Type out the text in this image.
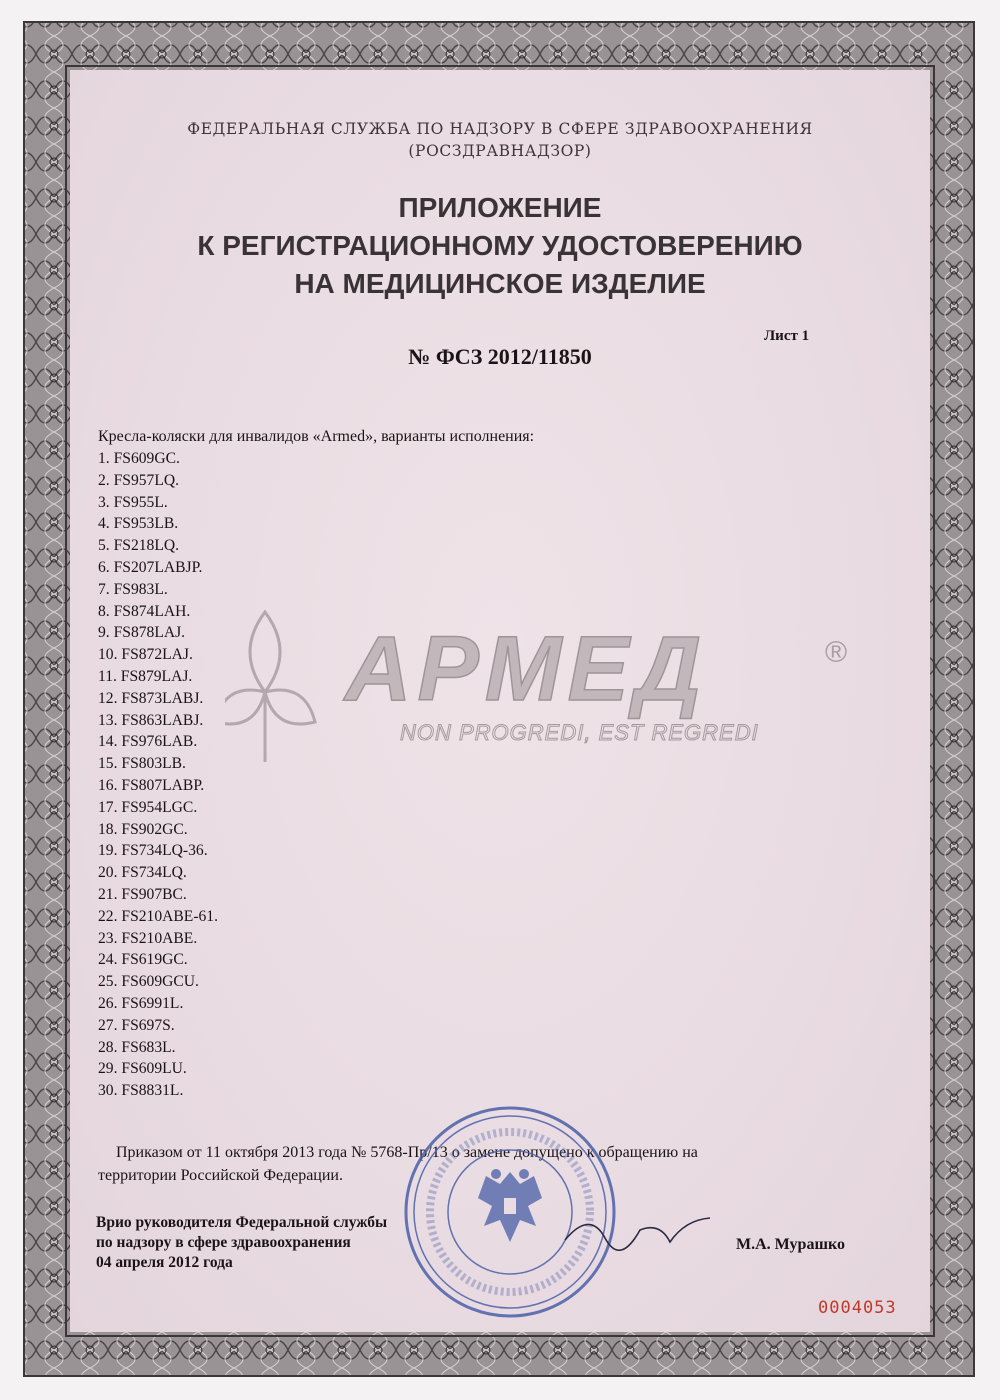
АРМЕД	®
NON PROGREDI, EST REGREDI
ФЕДЕРАЛЬНАЯ СЛУЖБА ПО НАДЗОРУ В СФЕРЕ ЗДРАВООХРАНЕНИЯ
(РОСЗДРАВНАДЗОР)
ПРИЛОЖЕНИЕ
К РЕГИСТРАЦИОННОМУ УДОСТОВЕРЕНИЮ
НА МЕДИЦИНСКОЕ ИЗДЕЛИЕ
Лист 1
№ ФСЗ 2012/11850
Кресла-коляски для инвалидов «Armed», варианты исполнения:
1. FS609GC.
2. FS957LQ.
3. FS955L.
4. FS953LB.
5. FS218LQ.
6. FS207LABJP.
7. FS983L.
8. FS874LAH.
9. FS878LAJ.
10. FS872LAJ.
11. FS879LAJ.
12. FS873LABJ.
13. FS863LABJ.
14. FS976LAB.
15. FS803LB.
16. FS807LABP.
17. FS954LGC.
18. FS902GC.
19. FS734LQ-36.
20. FS734LQ.
21. FS907BC.
22. FS210ABE-61.
23. FS210ABE.
24. FS619GC.
25. FS609GCU.
26. FS6991L.
27. FS697S.
28. FS683L.
29. FS609LU.
30. FS8831L.
Приказом от 11 октября 2013 года № 5768-Пр/13 о замене допущено к обращению на
территории Российской Федерации.
Врио руководителя Федеральной службы
по надзору в сфере здравоохранения
04 апреля 2012 года
М.А. Мурашко
0004053
